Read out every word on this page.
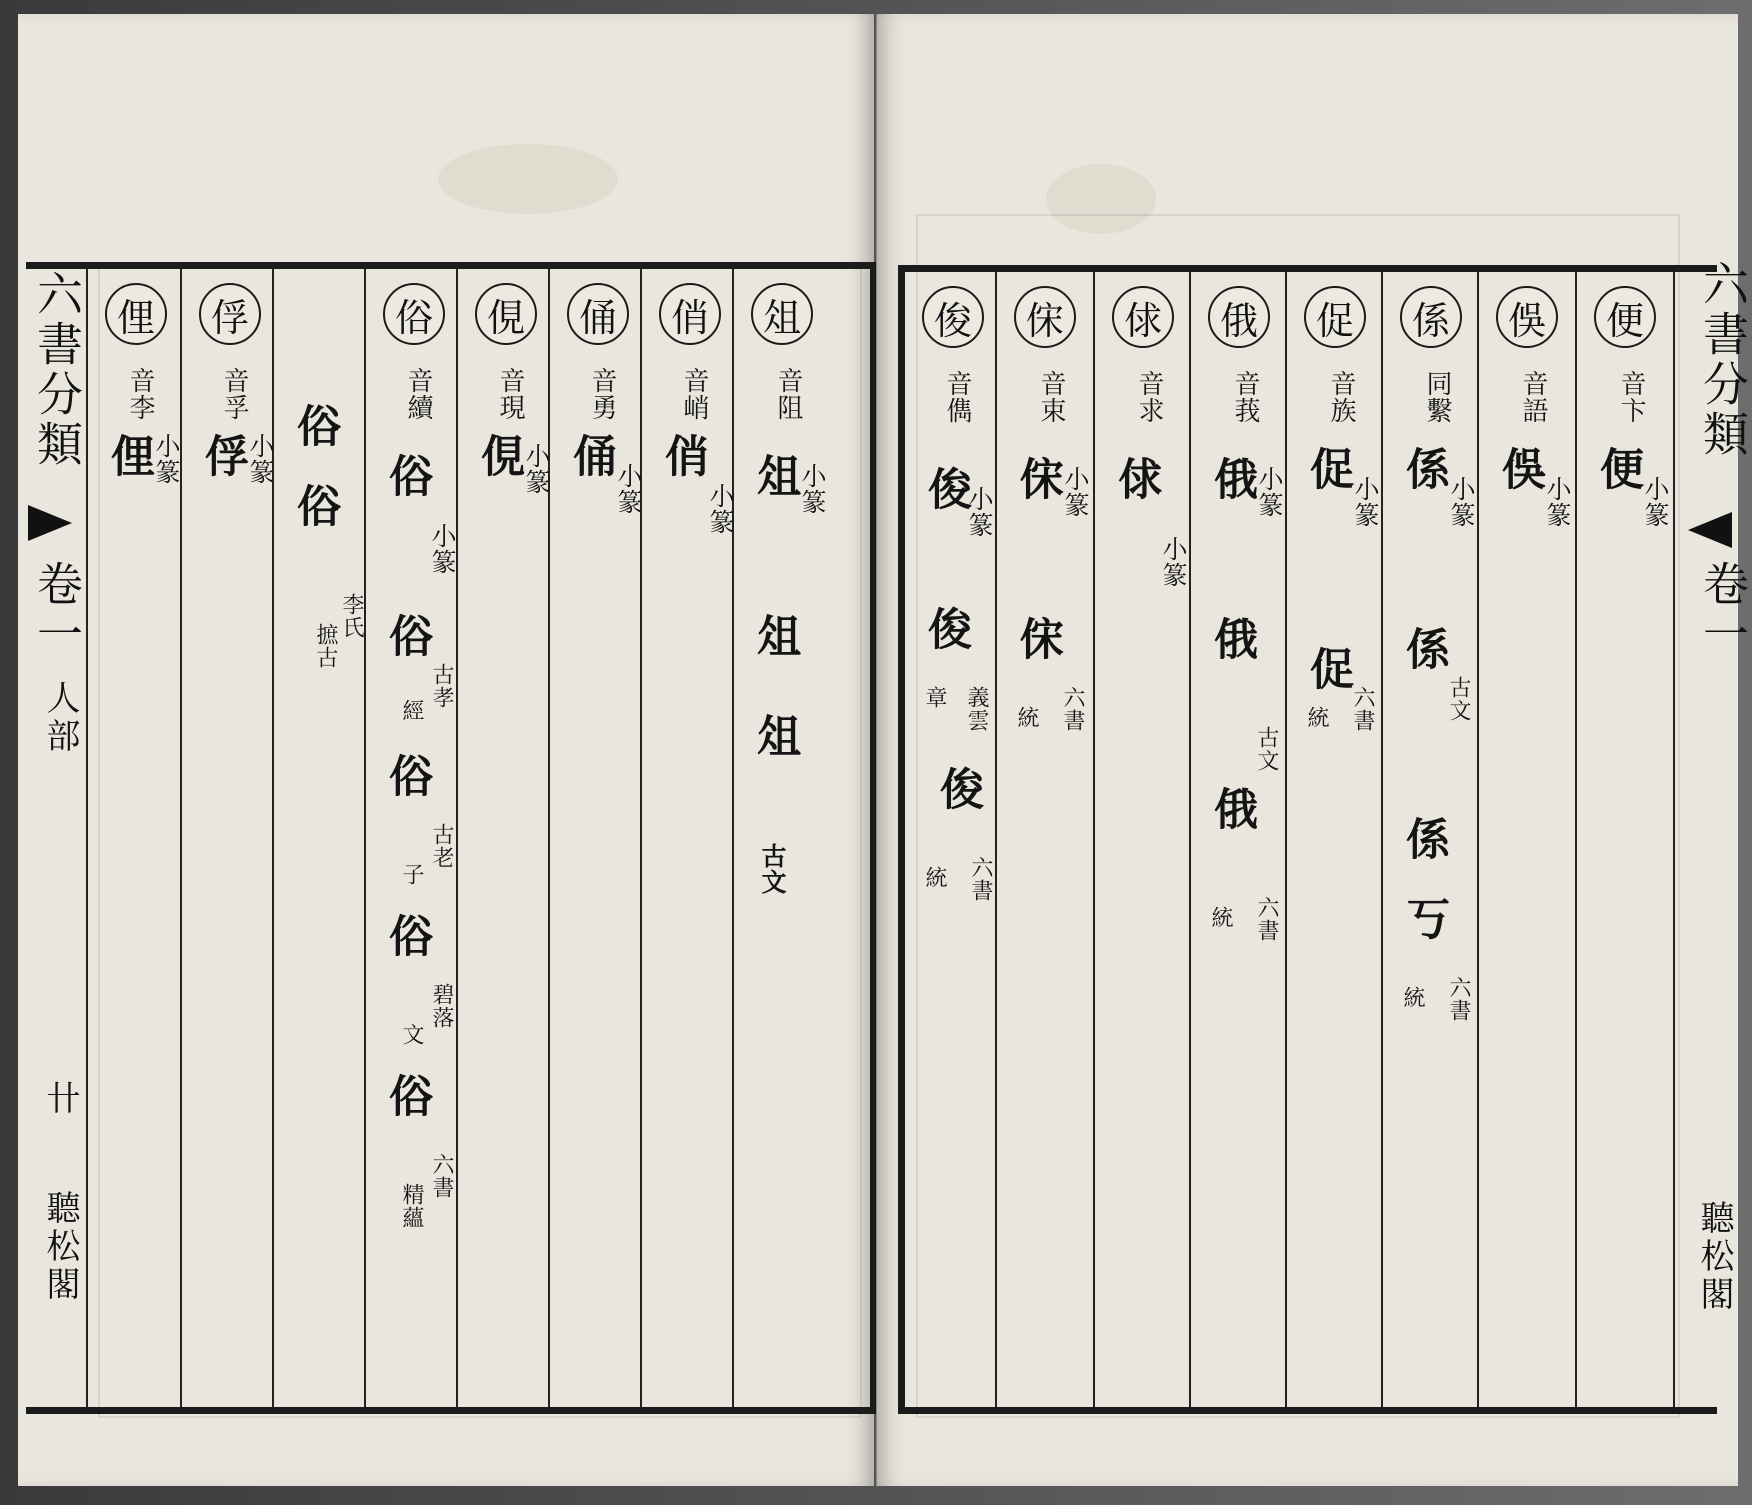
六書分類
卷一
人部
卄
聽松閣
六書分類
卷一
聽松閣
俚
音李
俚
小篆
俘
音孚
俘
小篆
俗
俗
李氏
摭古
俗
音續
俗
小篆
俗
古孝
經
俗
古老
子
俗
碧落
文
俗
六書
精蘊
俔
音現
俔
小篆
俑
音勇
俑
小篆
俏
音峭
俏
小篆
俎
音阻
俎
小篆
俎
俎
古文
俊
音儁
俊
小篆
俊
義雲
章
俊
六書
統
俕
音束
俕
小篆
俕
六書
統
俅
音求
俅
小篆
俄
音莪
俄
小篆
俄
古文
俄
六書
統
促
音族
促
小篆
促
六書
統
係
同繫
係
小篆
係
古文
係
丂
六書
統
俁
音語
俁
小篆
便
音卞
便
小篆
